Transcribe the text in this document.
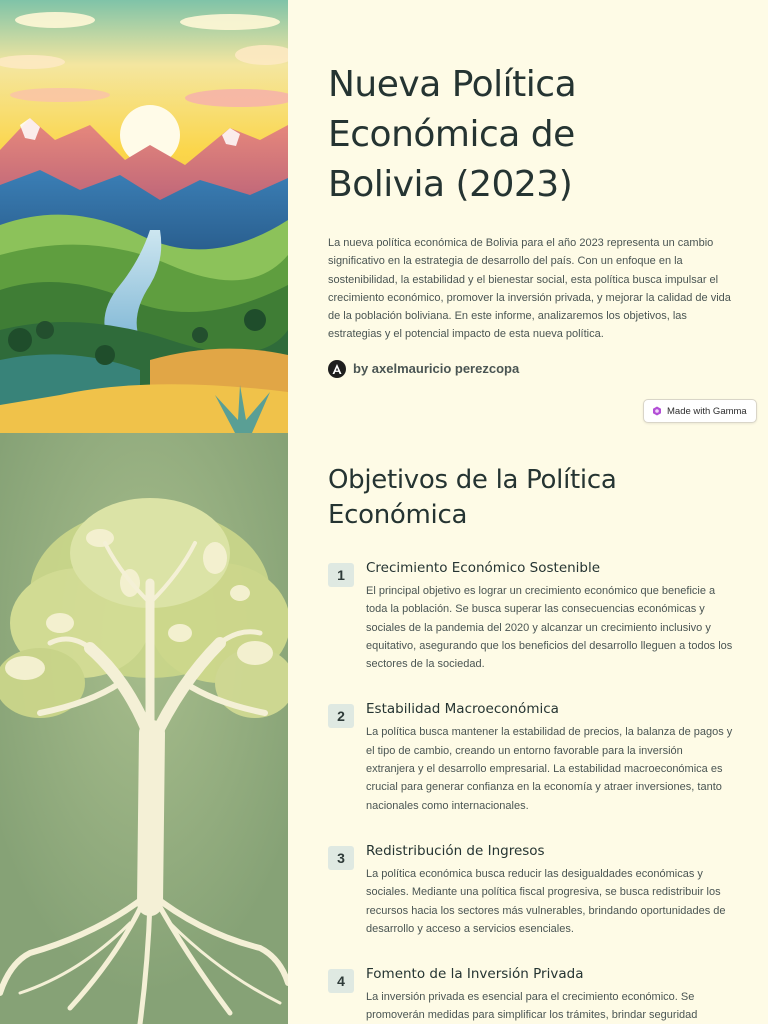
Nueva Política
Económica de
Bolivia (2023)

La nueva política económica de Bolivia para el año 2023 representa un cambio significativo en la estrategia de desarrollo del país. Con un enfoque en la sostenibilidad, la estabilidad y el bienestar social, esta política busca impulsar el crecimiento económico, promover la inversión privada, y mejorar la calidad de vida de la población boliviana. En este informe, analizaremos los objetivos, las estrategias y el potencial impacto de esta nueva política.

by axelmauricio perezcopa
Made with Gamma
Objetivos de la Política
Económica
1	Crecimiento Económico Sostenible
El principal objetivo es lograr un crecimiento económico que beneficie a toda la población. Se busca superar las consecuencias económicas y sociales de la pandemia del 2020 y alcanzar un crecimiento inclusivo y equitativo, asegurando que los beneficios del desarrollo lleguen a todos los sectores de la sociedad.
2	Estabilidad Macroeconómica
La política busca mantener la estabilidad de precios, la balanza de pagos y el tipo de cambio, creando un entorno favorable para la inversión extranjera y el desarrollo empresarial. La estabilidad macroeconómica es crucial para generar confianza en la economía y atraer inversiones, tanto nacionales como internacionales.
3	Redistribución de Ingresos
La política económica busca reducir las desigualdades económicas y sociales. Mediante una política fiscal progresiva, se busca redistribuir los recursos hacia los sectores más vulnerables, brindando oportunidades de desarrollo y acceso a servicios esenciales.
4	Fomento de la Inversión Privada
La inversión privada es esencial para el crecimiento económico. Se promoverán medidas para simplificar los trámites, brindar seguridad
